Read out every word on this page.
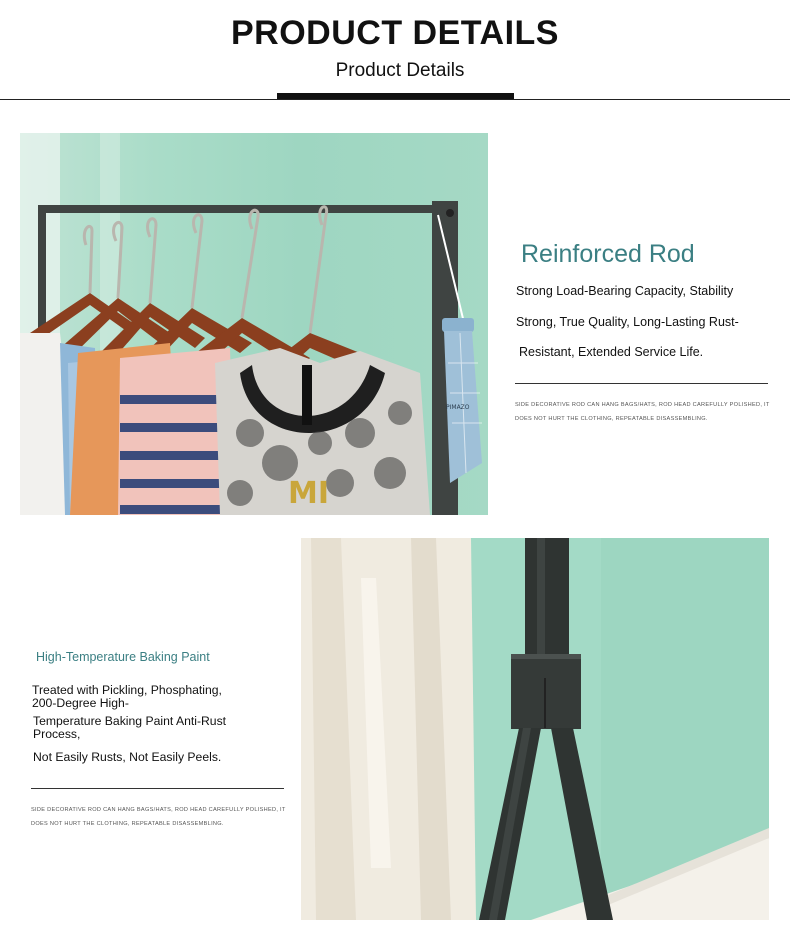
PRODUCT DETAILS
Product Details
MI
PIMAZO
Reinforced Rod
Strong Load-Bearing Capacity, Stability
Strong, True Quality, Long-Lasting Rust-
Resistant, Extended Service Life.
SIDE DECORATIVE ROD CAN HANG BAGS/HATS, ROD HEAD CAREFULLY POLISHED, IT
DOES NOT HURT THE CLOTHING, REPEATABLE DISASSEMBLING.
High-Temperature Baking Paint
Treated with Pickling, Phosphating,
200-Degree High-
Temperature Baking Paint Anti-Rust
Process,
Not Easily Rusts, Not Easily Peels.
SIDE DECORATIVE ROD CAN HANG BAGS/HATS, ROD HEAD CAREFULLY POLISHED, IT
DOES NOT HURT THE CLOTHING, REPEATABLE DISASSEMBLING.
